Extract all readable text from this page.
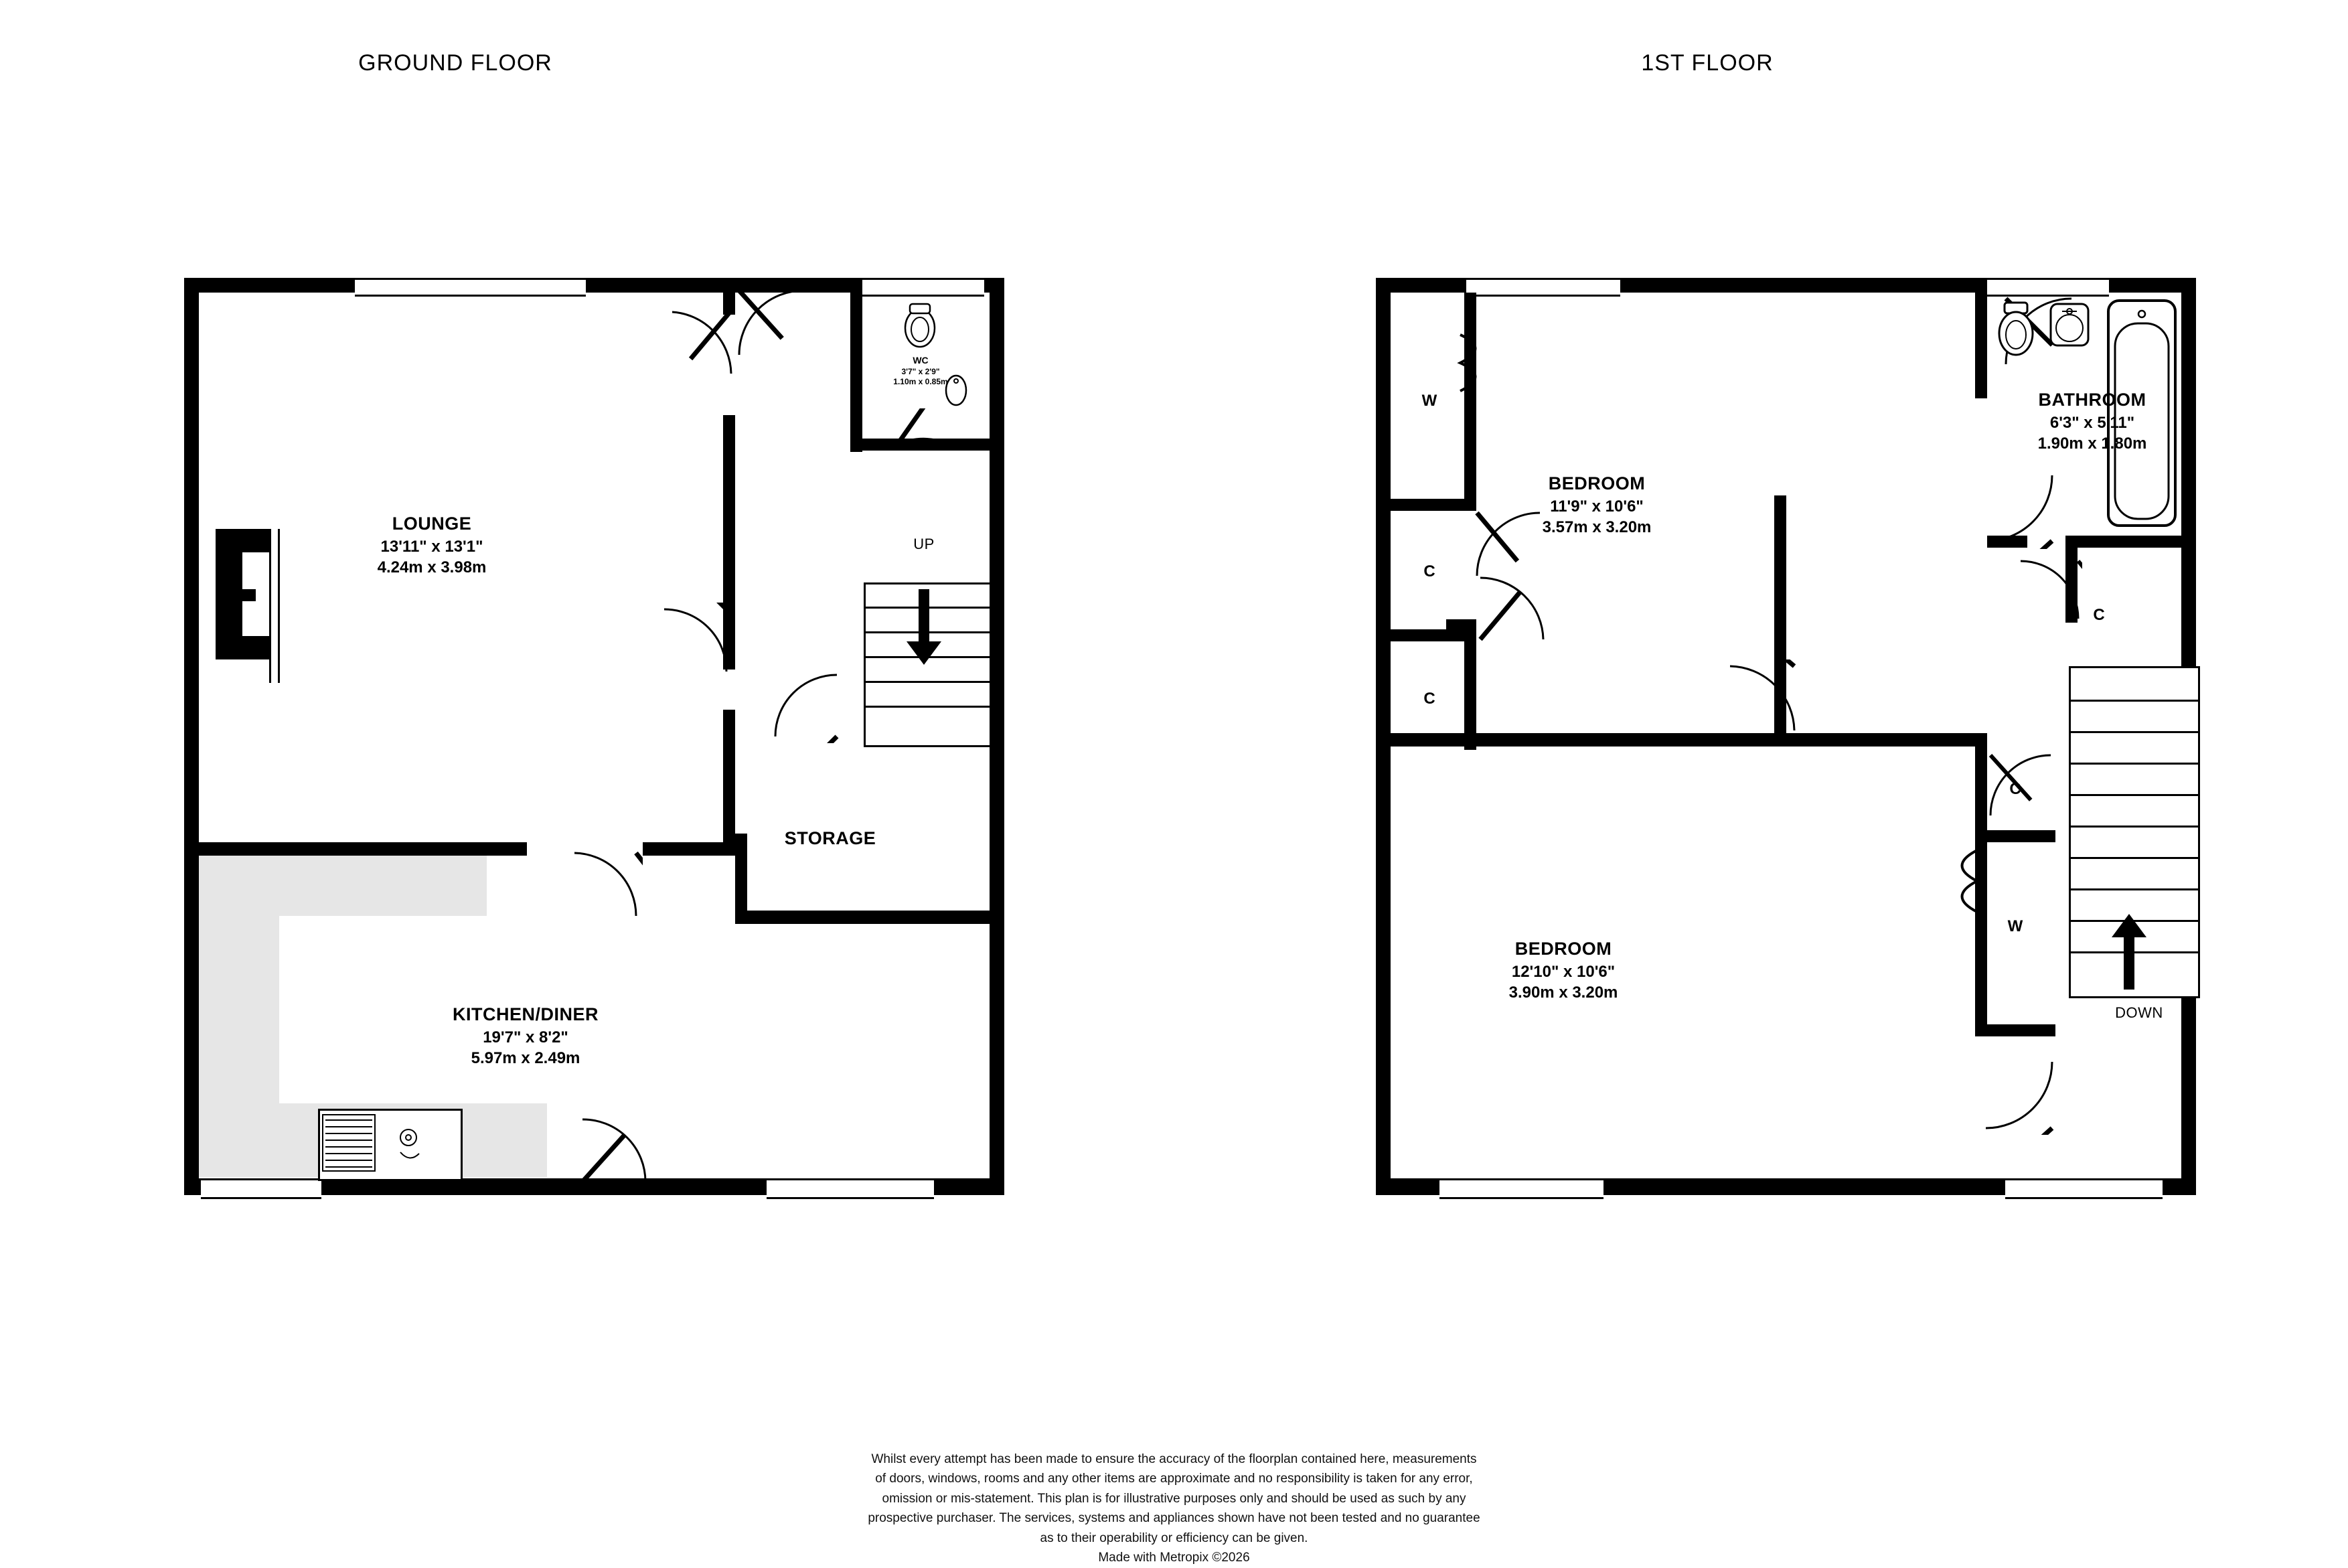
GROUND FLOOR
UP
LOUNGE
13'11" x 13'1"
4.24m x 3.98m
KITCHEN/DINER
19'7" x 8'2"
5.97m x 2.49m
STORAGE
WC
3'7" x 2'9"
1.10m x 0.85m
1ST FLOOR
DOWN
BEDROOM
11'9" x 10'6"
3.57m x 3.20m
BEDROOM
12'10" x 10'6"
3.90m x 3.20m
BATHROOM
6'3" x 5'11"
1.90m x 1.80m
W
C
C
C
C
W
Whilst every attempt has been made to ensure the accuracy of the floorplan contained here, measurements
of doors, windows, rooms and any other items are approximate and no responsibility is taken for any error,
omission or mis-statement. This plan is for illustrative purposes only and should be used as such by any
prospective purchaser. The services, systems and appliances shown have not been tested and no guarantee
as to their operability or efficiency can be given.
Made with Metropix ©2026
